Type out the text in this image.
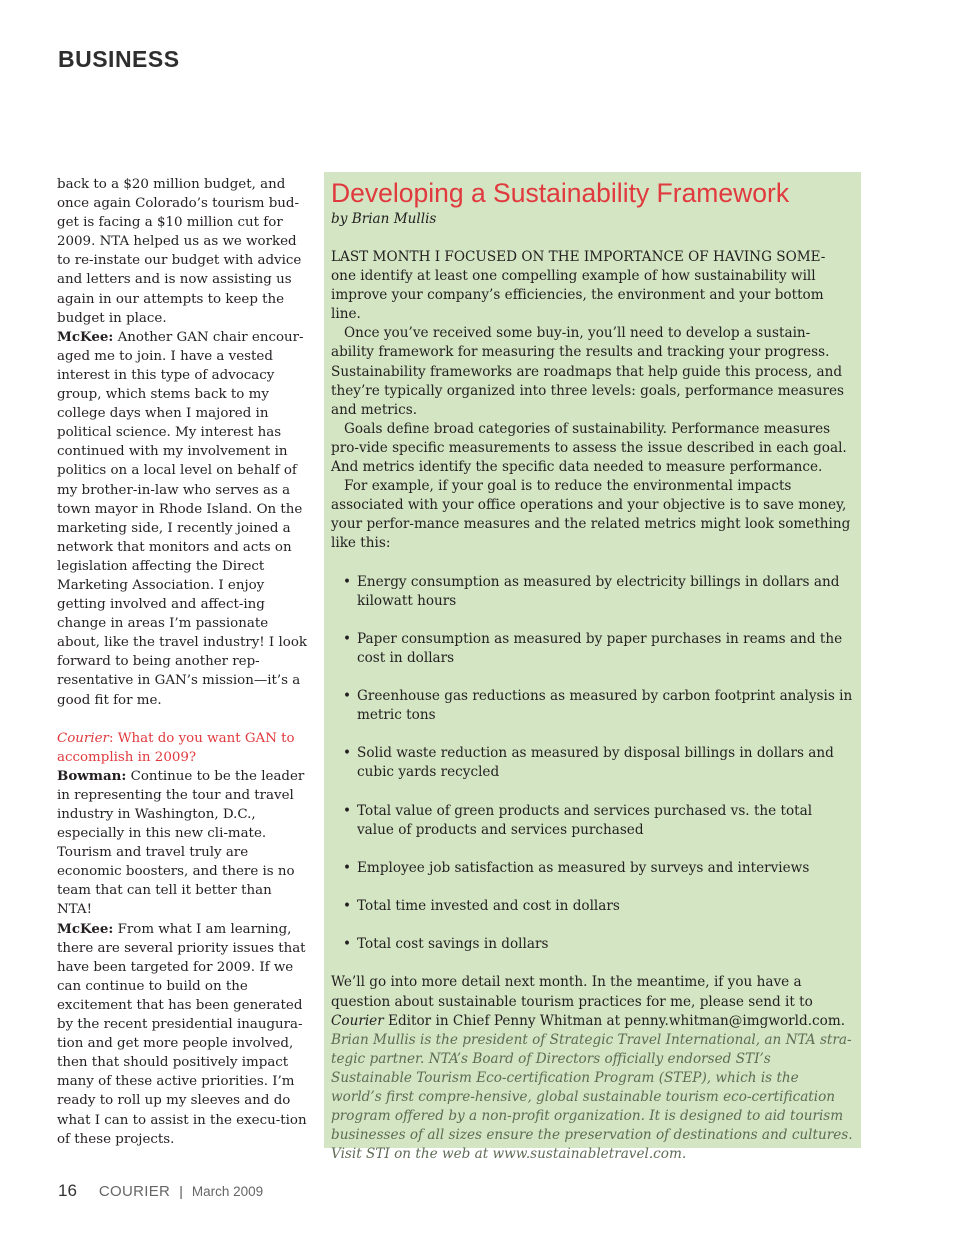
BUSINESS

back to a $20 million budget, and once again Colorado’s tourism bud-get is facing a $10 million cut for 2009. NTA helped us as we worked to re-instate our budget with advice and letters and is now assisting us again in our attempts to keep the budget in place.

McKee: Another GAN chair encour-aged me to join. I have a vested interest in this type of advocacy group, which stems back to my college days when I majored in political science. My interest has continued with my involvement in politics on a local level on behalf of my brother-in-law who serves as a town mayor in Rhode Island. On the marketing side, I recently joined a network that monitors and acts on legislation affecting the Direct Marketing Association. I enjoy getting involved and affect-ing change in areas I’m passionate about, like the travel industry! I look forward to being another rep-resentative in GAN’s mission—it’s a good fit for me.

Courier: What do you want GAN to accomplish in 2009?

Bowman: Continue to be the leader in representing the tour and travel industry in Washington, D.C., especially in this new cli-mate. Tourism and travel truly are economic boosters, and there is no team that can tell it better than NTA!

McKee: From what I am learning, there are several priority issues that have been targeted for 2009. If we can continue to build on the excitement that has been generated by the recent presidential inaugura-tion and get more people involved, then that should positively impact many of these active priorities. I’m ready to roll up my sleeves and do what I can to assist in the execu-tion of these projects.

Developing a Sustainability Framework

by Brian Mullis

LAST MONTH I FOCUSED ON THE IMPORTANCE OF HAVING SOME-
one identify at least one compelling example of how sustainability will improve your company’s efficiencies, the environment and your bottom line.

Once you’ve received some buy-in, you’ll need to develop a sustain-ability framework for measuring the results and tracking your progress. Sustainability frameworks are roadmaps that help guide this process, and they’re typically organized into three levels: goals, performance measures and metrics.

Goals define broad categories of sustainability. Performance measures pro-vide specific measurements to assess the issue described in each goal. And metrics identify the specific data needed to measure performance.

For example, if your goal is to reduce the environmental impacts associated with your office operations and your objective is to save money, your perfor-mance measures and the related metrics might look something like this:

• Energy consumption as measured by electricity billings in dollars and kilowatt hours
• Paper consumption as measured by paper purchases in reams and the cost in dollars
• Greenhouse gas reductions as measured by carbon footprint analysis in metric tons
• Solid waste reduction as measured by disposal billings in dollars and cubic yards recycled
• Total value of green products and services purchased vs. the total value of products and services purchased
• Employee job satisfaction as measured by surveys and interviews
• Total time invested and cost in dollars
• Total cost savings in dollars

We’ll go into more detail next month. In the meantime, if you have a question about sustainable tourism practices for me, please send it to Courier Editor in Chief Penny Whitman at penny.whitman@imgworld.com.

Brian Mullis is the president of Strategic Travel International, an NTA stra-tegic partner. NTA’s Board of Directors officially endorsed STI’s Sustainable Tourism Eco-certification Program (STEP), which is the world’s first compre-hensive, global sustainable tourism eco-certification program offered by a non-profit organization. It is designed to aid tourism businesses of all sizes ensure the preservation of destinations and cultures. Visit STI on the web at www.sustainabletravel.com.

16 COURIER | March 2009
